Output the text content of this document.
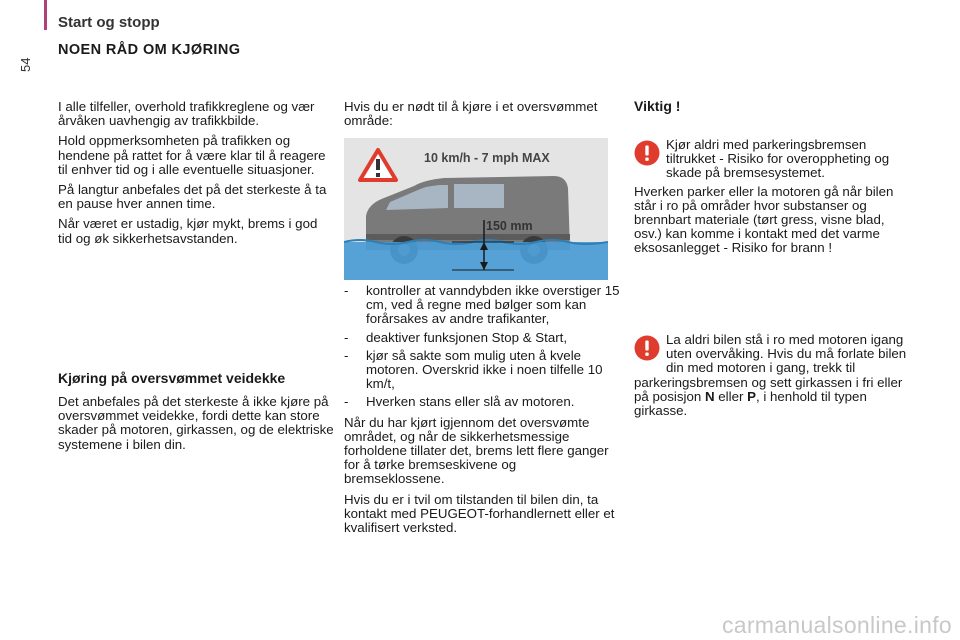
Start og stopp
54
NOEN RÅD OM KJØRING

I alle tilfeller, overhold trafikkreglene og vær årvåken uavhengig av trafikkbilde.

Hold oppmerksomheten på trafikken og hendene på rattet for å være klar til å reagere til enhver tid og i alle eventuelle situasjoner.

På langtur anbefales det på det sterkeste å ta en pause hver annen time.

Når været er ustadig, kjør mykt, brems i god tid og øk sikkerhetsavstanden.

Kjøring på oversvømmet veidekke

Det anbefales på det sterkeste å ikke kjøre på oversvømmet veidekke, fordi dette kan store skader på motoren, girkassen, og de elektriske systemene i bilen din.

Hvis du er nødt til å kjøre i et oversvømmet område:

10 km/h - 7 mph MAX
150 mm
- kontroller at vanndybden ikke overstiger 15 cm, ved å regne med bølger som kan forårsakes av andre trafikanter,
- deaktiver funksjonen Stop & Start,
- kjør så sakte som mulig uten å kvele motoren. Overskrid ikke i noen tilfelle 10 km/t,
- Hverken stans eller slå av motoren.

Når du har kjørt igjennom det oversvømte området, og når de sikkerhetsmessige forholdene tillater det, brems lett flere ganger for å tørke bremseskivene og bremseklossene.

Hvis du er i tvil om tilstanden til bilen din, ta kontakt med PEUGEOT-forhandlernett eller et kvalifisert verksted.

Viktig !

Kjør aldri med parkeringsbremsen tiltrukket - Risiko for overoppheting og skade på bremsesystemet.

Hverken parker eller la motoren gå når bilen står i ro på områder hvor substanser og brennbart materiale (tørt gress, visne blad, osv.) kan komme i kontakt med det varme eksosanlegget - Risiko for brann !

La aldri bilen stå i ro med motoren igang uten overvåking. Hvis du må forlate bilen din med motoren i gang, trekk til parkeringsbremsen og sett girkassen i fri eller på posisjon N eller P, i henhold til typen girkasse.

carmanualsonline.info
